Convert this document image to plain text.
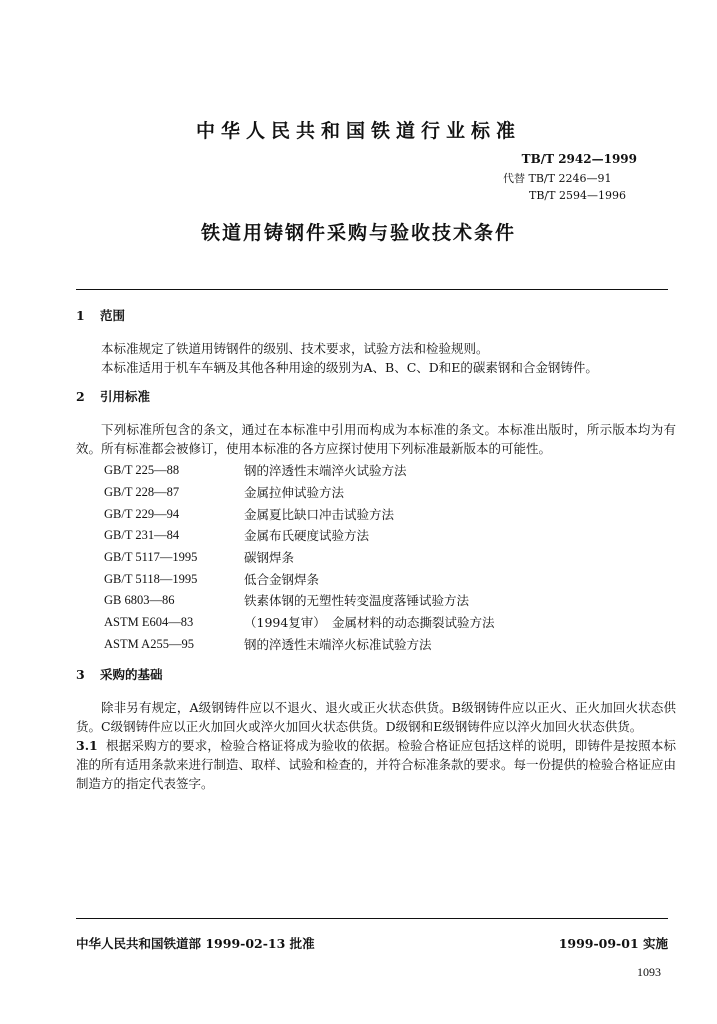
中华人民共和国铁道行业标准
TB/T 2942—1999
代替 TB/T 2246—91
TB/T 2594—1996
铁道用铸钢件采购与验收技术条件
1 范围

本标准规定了铁道用铸钢件的级别、技术要求，试验方法和检验规则。

本标准适用于机车车辆及其他各种用途的级别为A、B、C、D和E的碳素钢和合金钢铸件。

2 引用标准

下列标准所包含的条文，通过在本标准中引用而构成为本标准的条文。本标准出版时，所示版本均为有效。所有标准都会被修订，使用本标准的各方应探讨使用下列标准最新版本的可能性。

GB/T 225—88	钢的淬透性末端淬火试验方法
GB/T 228—87	金属拉伸试验方法
GB/T 229—94	金属夏比缺口冲击试验方法
GB/T 231—84	金属布氏硬度试验方法
GB/T 5117—1995	碳钢焊条
GB/T 5118—1995	低合金钢焊条
GB 6803—86	铁素体钢的无塑性转变温度落锤试验方法
ASTM E604—83	（1994复审）　金属材料的动态撕裂试验方法
ASTM A255—95	钢的淬透性末端淬火标准试验方法
3 采购的基础

除非另有规定，A级钢铸件应以不退火、退火或正火状态供货。B级钢铸件应以正火、正火加回火状态供货。C级钢铸件应以正火加回火或淬火加回火状态供货。D级钢和E级钢铸件应以淬火加回火状态供货。

3.1 根据采购方的要求，检验合格证将成为验收的依据。检验合格证应包括这样的说明，即铸件是按照本标准的所有适用条款来进行制造、取样、试验和检查的，并符合标准条款的要求。每一份提供的检验合格证应由制造方的指定代表签字。

中华人民共和国铁道部 1999-02-13 批准	1999-09-01 实施
1093
